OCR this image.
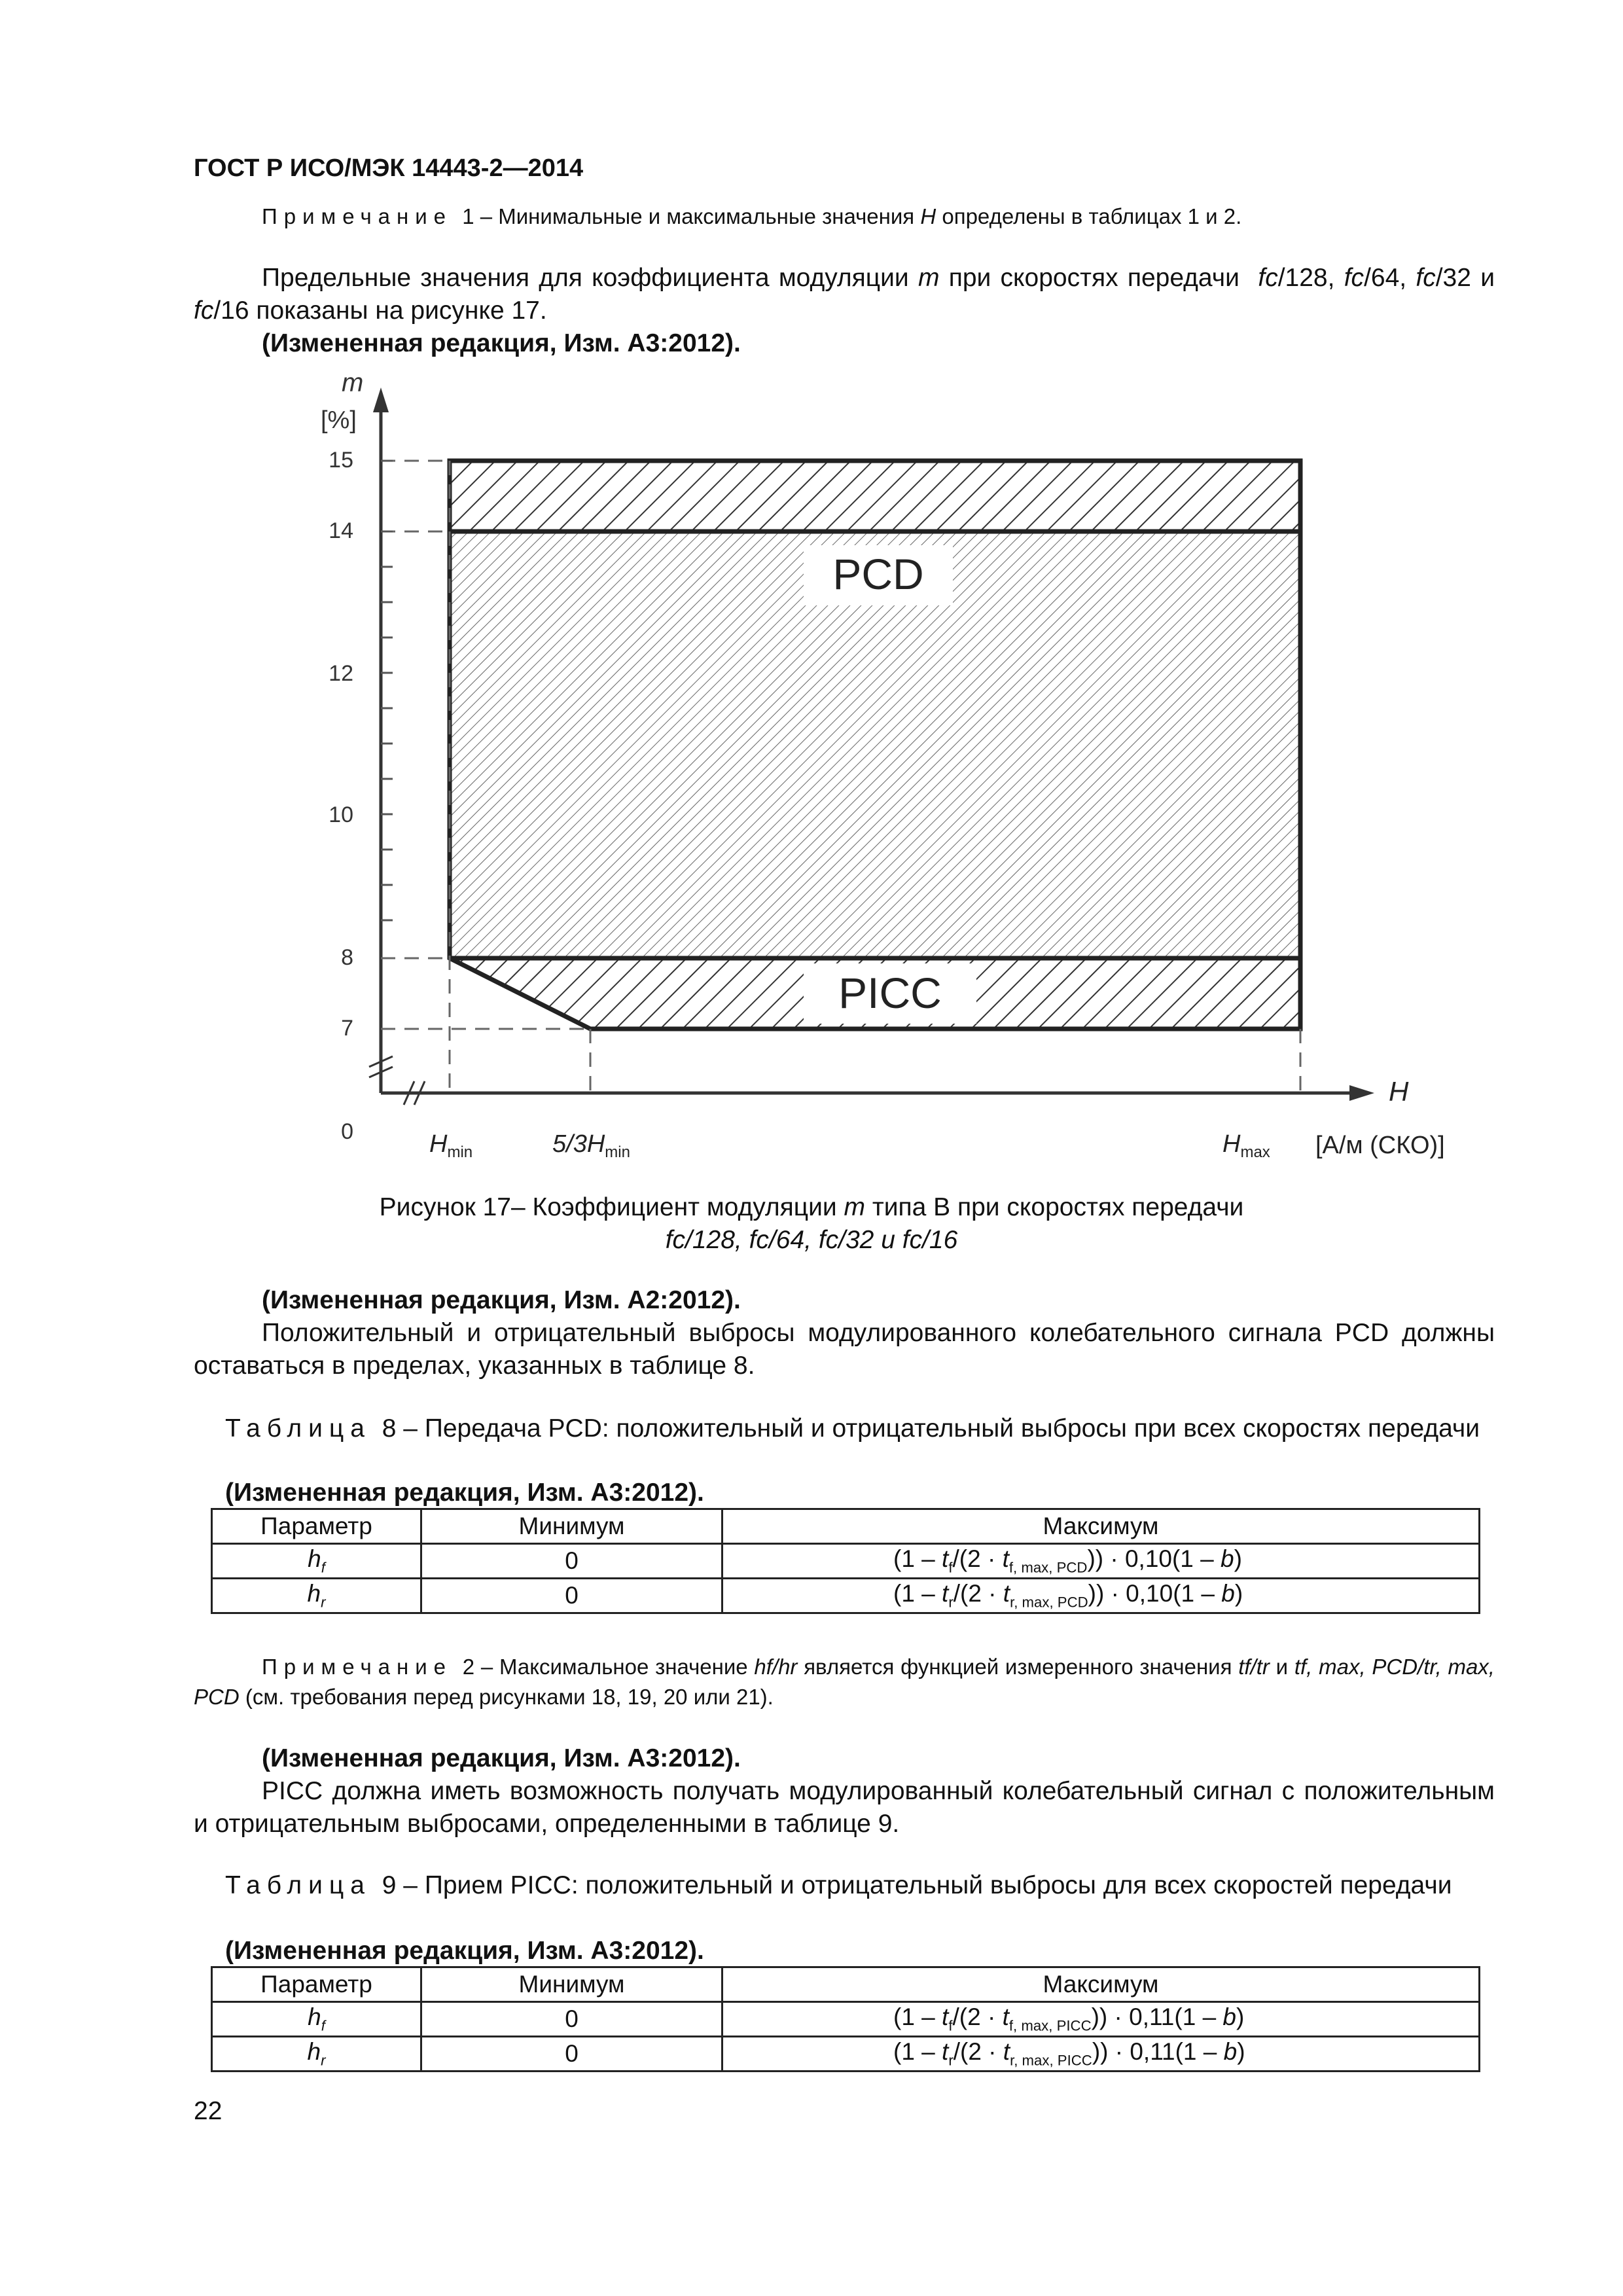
ГОСТ Р ИСО/МЭК 14443-2—2014
Примечание 1 – Минимальные и максимальные значения H определены в таблицах 1 и 2.
Предельные значения для коэффициента модуляции m при скоростях передачи fc/128, fc/64, fc/32 и fc/16 показаны на рисунке 17.
(Измененная редакция, Изм. А3:2012).
PCD
PICC
m
[%]
15
14
12
10
8
7
0
H
$H_{min}$	$5/3H_{min}$	$H_{max}$ [А/м (СКО)]
Рисунок 17– Коэффициент модуляции m типа В при скоростях передачи
fc/128, fc/64, fc/32 и fc/16
(Измененная редакция, Изм. А2:2012).
Положительный и отрицательный выбросы модулированного колебательного сигнала PCD должны оставаться в пределах, указанных в таблице 8.
Таблица 8 – Передача PCD: положительный и отрицательный выбросы при всех скоростях передачи
(Измененная редакция, Изм. А3:2012).
Параметр	Минимум	Максимум
$h_f$	0	$(1 - t_f/(2 \cdot t_{f, max, PCD})) \cdot 0,10(1 - b)$
$h_r$	0	$(1 - t_r/(2 \cdot t_{r, max, PCD})) \cdot 0,10(1 - b)$
Примечание 2 – Максимальное значение hf/hr является функцией измеренного значения tf/tr и tf, max, PCD/tr, max, PCD (см. требования перед рисунками 18, 19, 20 или 21).
(Измененная редакция, Изм. А3:2012).
PICC должна иметь возможность получать модулированный колебательный сигнал с положительным и отрицательным выбросами, определенными в таблице 9.
Таблица 9 – Прием PICC: положительный и отрицательный выбросы для всех скоростей передачи
(Измененная редакция, Изм. А3:2012).
Параметр	Минимум	Максимум
$h_f$	0	$(1 - t_f/(2 \cdot t_{f, max, PICC})) \cdot 0,11(1 - b)$
$h_r$	0	$(1 - t_r/(2 \cdot t_{r, max, PICC})) \cdot 0,11(1 - b)$
22
